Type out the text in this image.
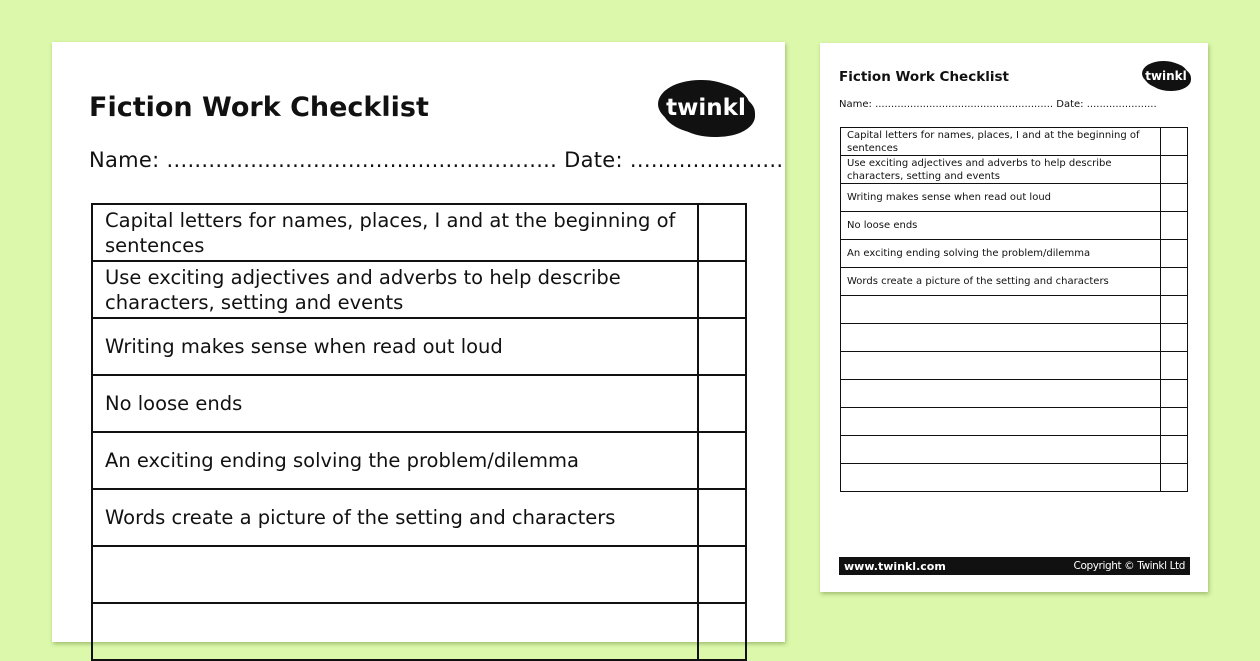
Fiction Work Checklist	twinkl
Name: ........................................................ Date: ......................
Capital letters for names, places, I and at the beginning of sentences	
Use exciting adjectives and adverbs to help describe characters, setting and events	
Writing makes sense when read out loud	
No loose ends	
An exciting ending solving the problem/dilemma	
Words create a picture of the setting and characters	

Fiction Work Checklist	twinkl
Name: ........................................................ Date: ......................
Capital letters for names, places, I and at the beginning of sentences	
Use exciting adjectives and adverbs to help describe characters, setting and events	
Writing makes sense when read out loud	
No loose ends	
An exciting ending solving the problem/dilemma	
Words create a picture of the setting and characters	

www.twinkl.com	Copyright © Twinkl Ltd
